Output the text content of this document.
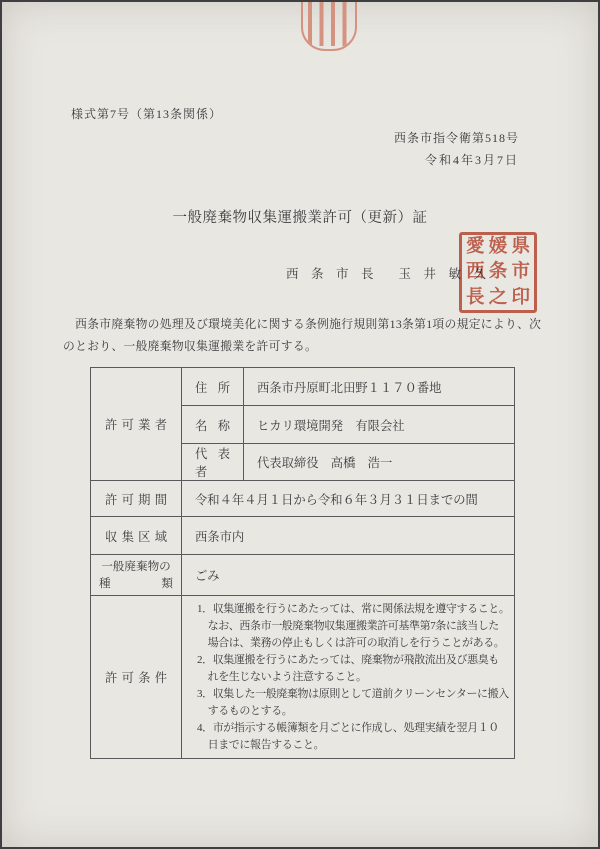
様式第7号（第13条関係）
西条市指令衛第518号
令和4年3月7日
一般廃棄物収集運搬業許可（更新）証
西　条　市　長　　玉　井　敏　久
愛媛県
西条市
長之印
　西条市廃棄物の処理及び環境美化に関する条例施行規則第13条第1項の規定により、次
のとおり、一般廃棄物収集運搬業を許可する。
許可業者	住所	西条市丹原町北田野１１７０番地
	名称	ヒカリ環境開発　有限会社
	代表者	代表取締役　高橋　浩一
許可期間	令和４年４月１日から令和６年３月３１日までの間	
収集区域	西条市内	

一般廃棄物の
種類	ごみ	
許可条件	
1．収集運搬を行うにあたっては、常に関係法規を遵守すること。
　なお、西条市一般廃棄物収集運搬業許可基準第7条に該当した
　場合は、業務の停止もしくは許可の取消しを行うことがある。
2．収集運搬を行うにあたっては、廃棄物が飛散流出及び悪臭も
　れを生じないよう注意すること。
3．収集した一般廃棄物は原則として道前クリーンセンターに搬入
　するものとする。
4．市が指示する帳簿類を月ごとに作成し、処理実績を翌月１０
　日までに報告すること。
